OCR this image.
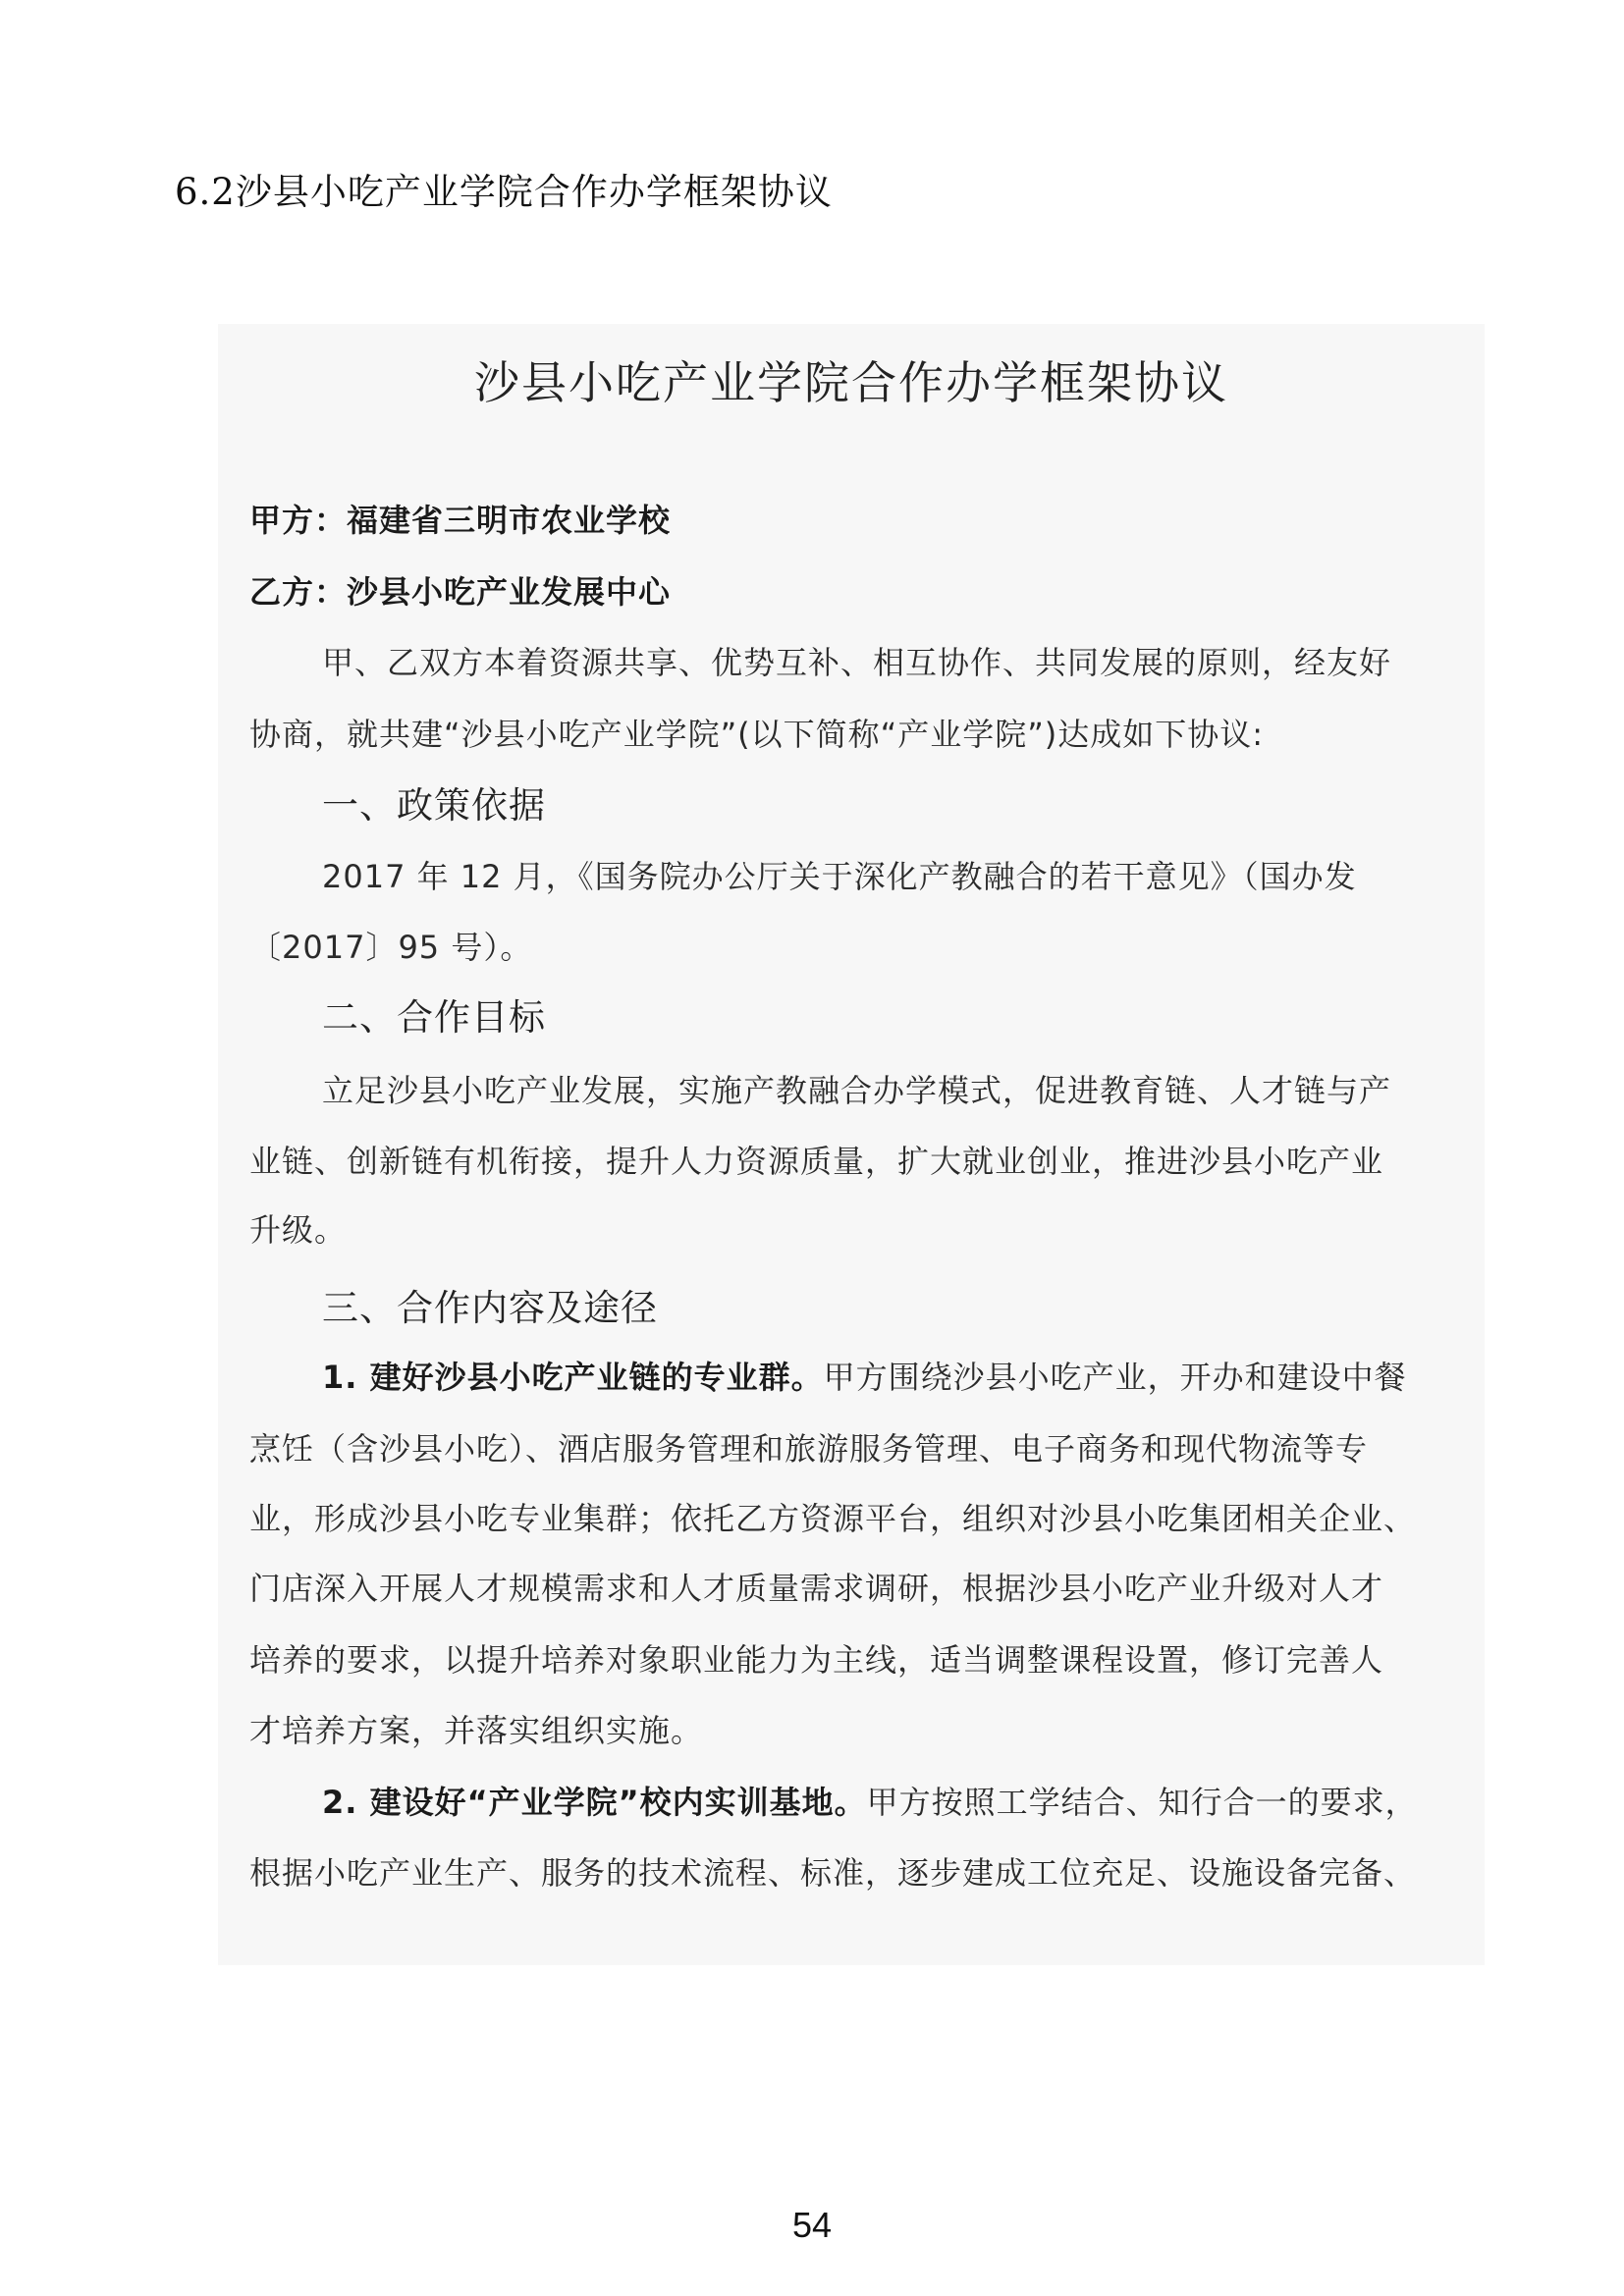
6.2沙县小吃产业学院合作办学框架协议
沙县小吃产业学院合作办学框架协议
甲方：福建省三明市农业学校
乙方：沙县小吃产业发展中心
甲、乙双方本着资源共享、优势互补、相互协作、共同发展的原则，经友好
协商，就共建“沙县小吃产业学院”(以下简称“产业学院”)达成如下协议:
一、政策依据
2017 年 12 月，《国务院办公厅关于深化产教融合的若干意见》（国办发
〔2017〕95 号）。
二、合作目标
立足沙县小吃产业发展，实施产教融合办学模式，促进教育链、人才链与产
业链、创新链有机衔接，提升人力资源质量，扩大就业创业，推进沙县小吃产业
升级。
三、合作内容及途径
1. 建好沙县小吃产业链的专业群。甲方围绕沙县小吃产业，开办和建设中餐
烹饪（含沙县小吃）、酒店服务管理和旅游服务管理、电子商务和现代物流等专
业，形成沙县小吃专业集群；依托乙方资源平台，组织对沙县小吃集团相关企业、
门店深入开展人才规模需求和人才质量需求调研，根据沙县小吃产业升级对人才
培养的要求，以提升培养对象职业能力为主线，适当调整课程设置，修订完善人
才培养方案，并落实组织实施。
2. 建设好“产业学院”校内实训基地。甲方按照工学结合、知行合一的要求，
根据小吃产业生产、服务的技术流程、标准，逐步建成工位充足、设施设备完备、
54
